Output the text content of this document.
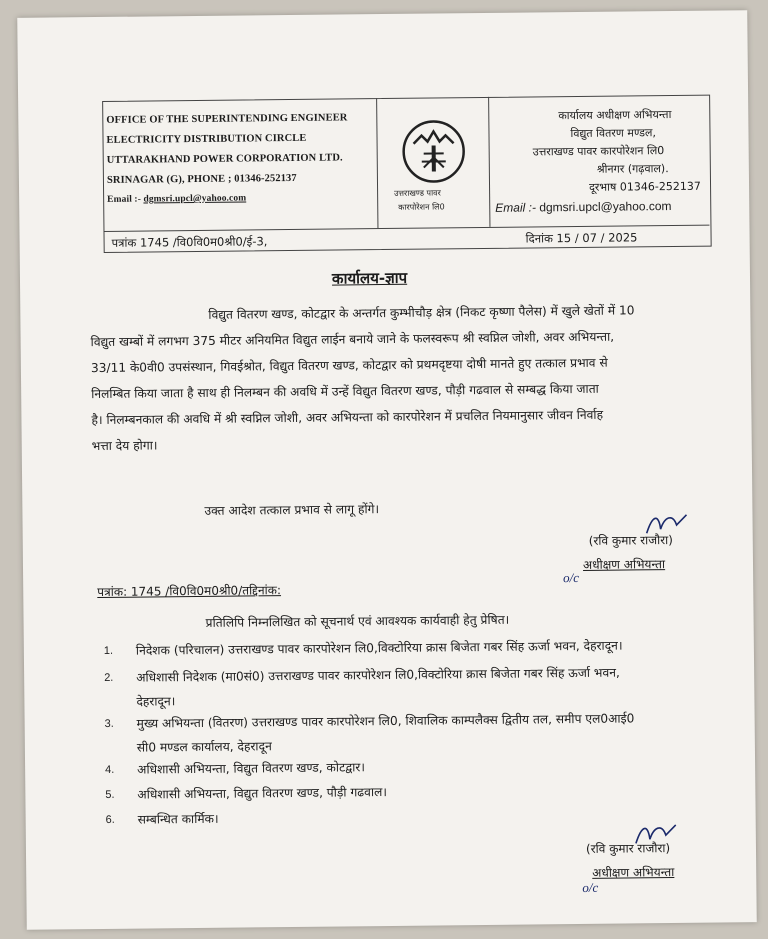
OFFICE OF THE SUPERINTENDING ENGINEER
ELECTRICITY DISTRIBUTION CIRCLE
UTTARAKHAND POWER CORPORATION LTD.
SRINAGAR (G), PHONE ; 01346-252137
Email :- dgmsri.upcl@yahoo.com
उत्तराखण्ड पावर
कारपोरेशन लि0
कार्यालय अधीक्षण अभियन्ता
विद्युत वितरण मण्डल,
उत्तराखण्ड पावर कारपोरेशन लि0
श्रीनगर (गढ़वाल).
दूरभाष 01346-252137
Email :- dgmsri.upcl@yahoo.com
पत्रांक 1745 /वि0वि0म0श्री0/ई-3,	दिनांक 15 / 07 / 2025
कार्यालय-ज्ञाप
विद्युत वितरण खण्ड, कोटद्वार के अन्तर्गत कुम्भीचौड़ क्षेत्र (निकट कृष्णा पैलेस) में खुले खेतों में 10
विद्युत खम्बों में लगभग 375 मीटर अनियमित विद्युत लाईन बनाये जाने के फलस्वरूप श्री स्वप्निल जोशी, अवर अभियन्ता,
33/11 के0वी0 उपसंस्थान, गिवईश्रोत, विद्युत वितरण खण्ड, कोटद्वार को प्रथमदृष्टया दोषी मानते हुए तत्काल प्रभाव से
निलम्बित किया जाता है साथ ही निलम्बन की अवधि में उन्हें विद्युत वितरण खण्ड, पौड़ी गढवाल से सम्बद्ध किया जाता
है। निलम्बनकाल की अवधि में श्री स्वप्निल जोशी, अवर अभियन्ता को कारपोरेशन में प्रचलित नियमानुसार जीवन निर्वाह
भत्ता देय होगा।
उक्त आदेश तत्काल प्रभाव से लागू होंगे।
(रवि कुमार राजौरा)
अधीक्षण अभियन्ता
o/c
पत्रांक: 1745 /वि0वि0म0श्री0/तद्दिनांक:
प्रतिलिपि निम्नलिखित को सूचनार्थ एवं आवश्यक कार्यवाही हेतु प्रेषित।
1. निदेशक (परिचालन) उत्तराखण्ड पावर कारपोरेशन लि0,विक्टोरिया क्रास बिजेता गबर सिंह ऊर्जा भवन, देहरादून।
2. अधिशासी निदेशक (मा0सं0) उत्तराखण्ड पावर कारपोरेशन लि0,विक्टोरिया क्रास बिजेता गबर सिंह ऊर्जा भवन,
देहरादून।
3. मुख्य अभियन्ता (वितरण) उत्तराखण्ड पावर कारपोरेशन लि0, शिवालिक काम्पलैक्स द्वितीय तल, समीप एल0आई0
सी0 मण्डल कार्यालय, देहरादून
4. अधिशासी अभियन्ता, विद्युत वितरण खण्ड, कोटद्वार।
5. अधिशासी अभियन्ता, विद्युत वितरण खण्ड, पौड़ी गढवाल।
6. सम्बन्धित कार्मिक।
(रवि कुमार राजौरा)
अधीक्षण अभियन्ता
o/c
